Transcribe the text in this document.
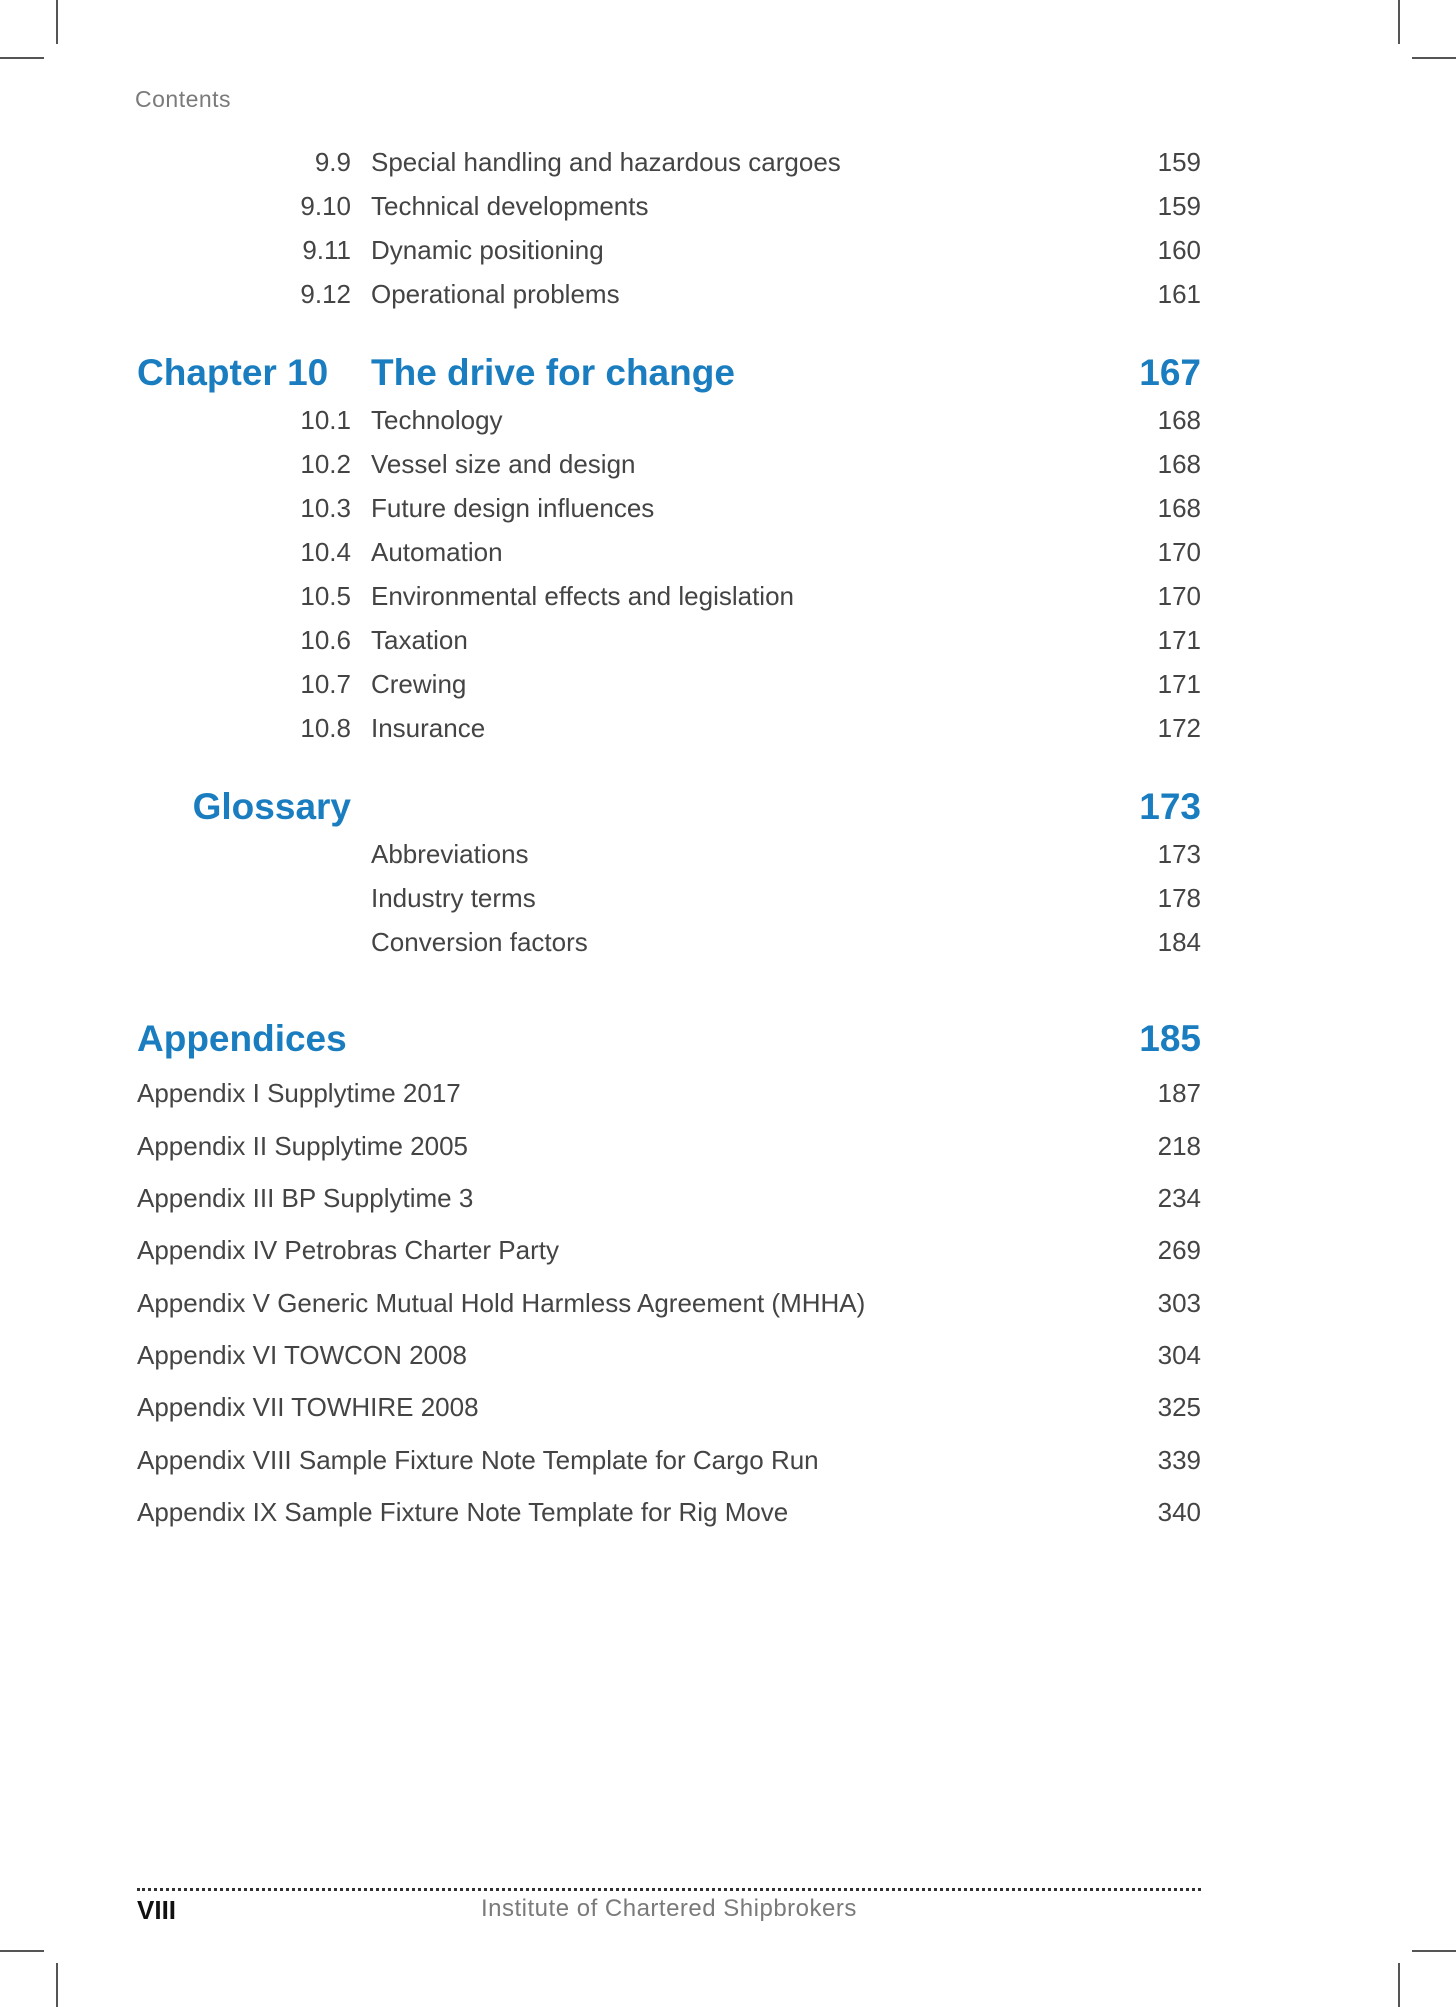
Contents
9.9 Special handling and hazardous cargoes	159
9.10 Technical developments	159
9.11 Dynamic positioning	160
9.12 Operational problems	161
Chapter 10 The drive for change	167
10.1 Technology	168
10.2 Vessel size and design	168
10.3 Future design influences	168
10.4 Automation	170
10.5 Environmental effects and legislation	170
10.6 Taxation	171
10.7 Crewing	171
10.8 Insurance	172
Glossary	173
Abbreviations	173
Industry terms	178
Conversion factors	184
Appendices	185
Appendix I Supplytime 2017	187
Appendix II Supplytime 2005	218
Appendix III BP Supplytime 3	234
Appendix IV Petrobras Charter Party	269
Appendix V Generic Mutual Hold Harmless Agreement (MHHA)	303
Appendix VI TOWCON 2008	304
Appendix VII TOWHIRE 2008	325
Appendix VIII Sample Fixture Note Template for Cargo Run	339
Appendix IX Sample Fixture Note Template for Rig Move	340
VIII	Institute of Chartered Shipbrokers
